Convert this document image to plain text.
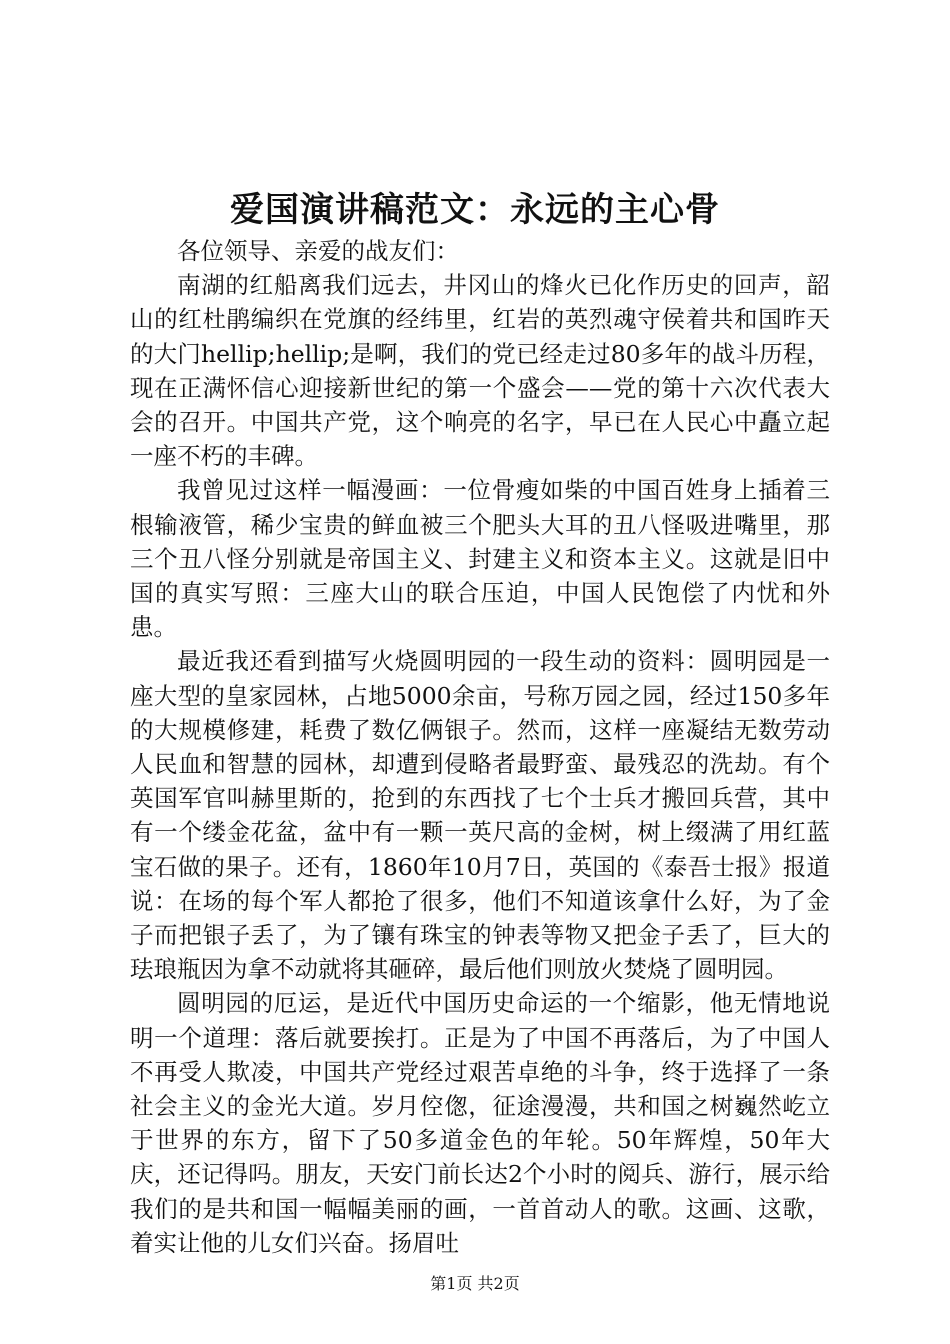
爱国演讲稿范文：永远的主心骨

各位领导、亲爱的战友们：

南湖的红船离我们远去，井冈山的烽火已化作历史的回声，韶山的红杜鹃编织在党旗的经纬里，红岩的英烈魂守侯着共和国昨天的大门hellip;hellip;是啊，我们的党已经走过80多年的战斗历程，现在正满怀信心迎接新世纪的第一个盛会——党的第十六次代表大会的召开。中国共产党，这个响亮的名字，早已在人民心中矗立起一座不朽的丰碑。

我曾见过这样一幅漫画：一位骨瘦如柴的中国百姓身上插着三根输液管，稀少宝贵的鲜血被三个肥头大耳的丑八怪吸进嘴里，那三个丑八怪分别就是帝国主义、封建主义和资本主义。这就是旧中国的真实写照：三座大山的联合压迫，中国人民饱偿了内忧和外患。

最近我还看到描写火烧圆明园的一段生动的资料：圆明园是一座大型的皇家园林，占地5000余亩，号称万园之园，经过150多年的大规模修建，耗费了数亿俩银子。然而，这样一座凝结无数劳动人民血和智慧的园林，却遭到侵略者最野蛮、最残忍的洗劫。有个英国军官叫赫里斯的，抢到的东西找了七个士兵才搬回兵营，其中有一个缕金花盆，盆中有一颗一英尺高的金树，树上缀满了用红蓝宝石做的果子。还有，1860年10月7日，英国的《泰吾士报》报道说：在场的每个军人都抢了很多，他们不知道该拿什么好，为了金子而把银子丢了，为了镶有珠宝的钟表等物又把金子丢了，巨大的珐琅瓶因为拿不动就将其砸碎，最后他们则放火焚烧了圆明园。

圆明园的厄运，是近代中国历史命运的一个缩影，他无情地说明一个道理：落后就要挨打。正是为了中国不再落后，为了中国人不再受人欺凌，中国共产党经过艰苦卓绝的斗争，终于选择了一条社会主义的金光大道。岁月倥偬，征途漫漫，共和国之树巍然屹立于世界的东方，留下了50多道金色的年轮。50年辉煌，50年大庆，还记得吗。朋友，天安门前长达2个小时的阅兵、游行，展示给我们的是共和国一幅幅美丽的画，一首首动人的歌。这画、这歌，着实让他的儿女们兴奋。扬眉吐

第1页 共2页
